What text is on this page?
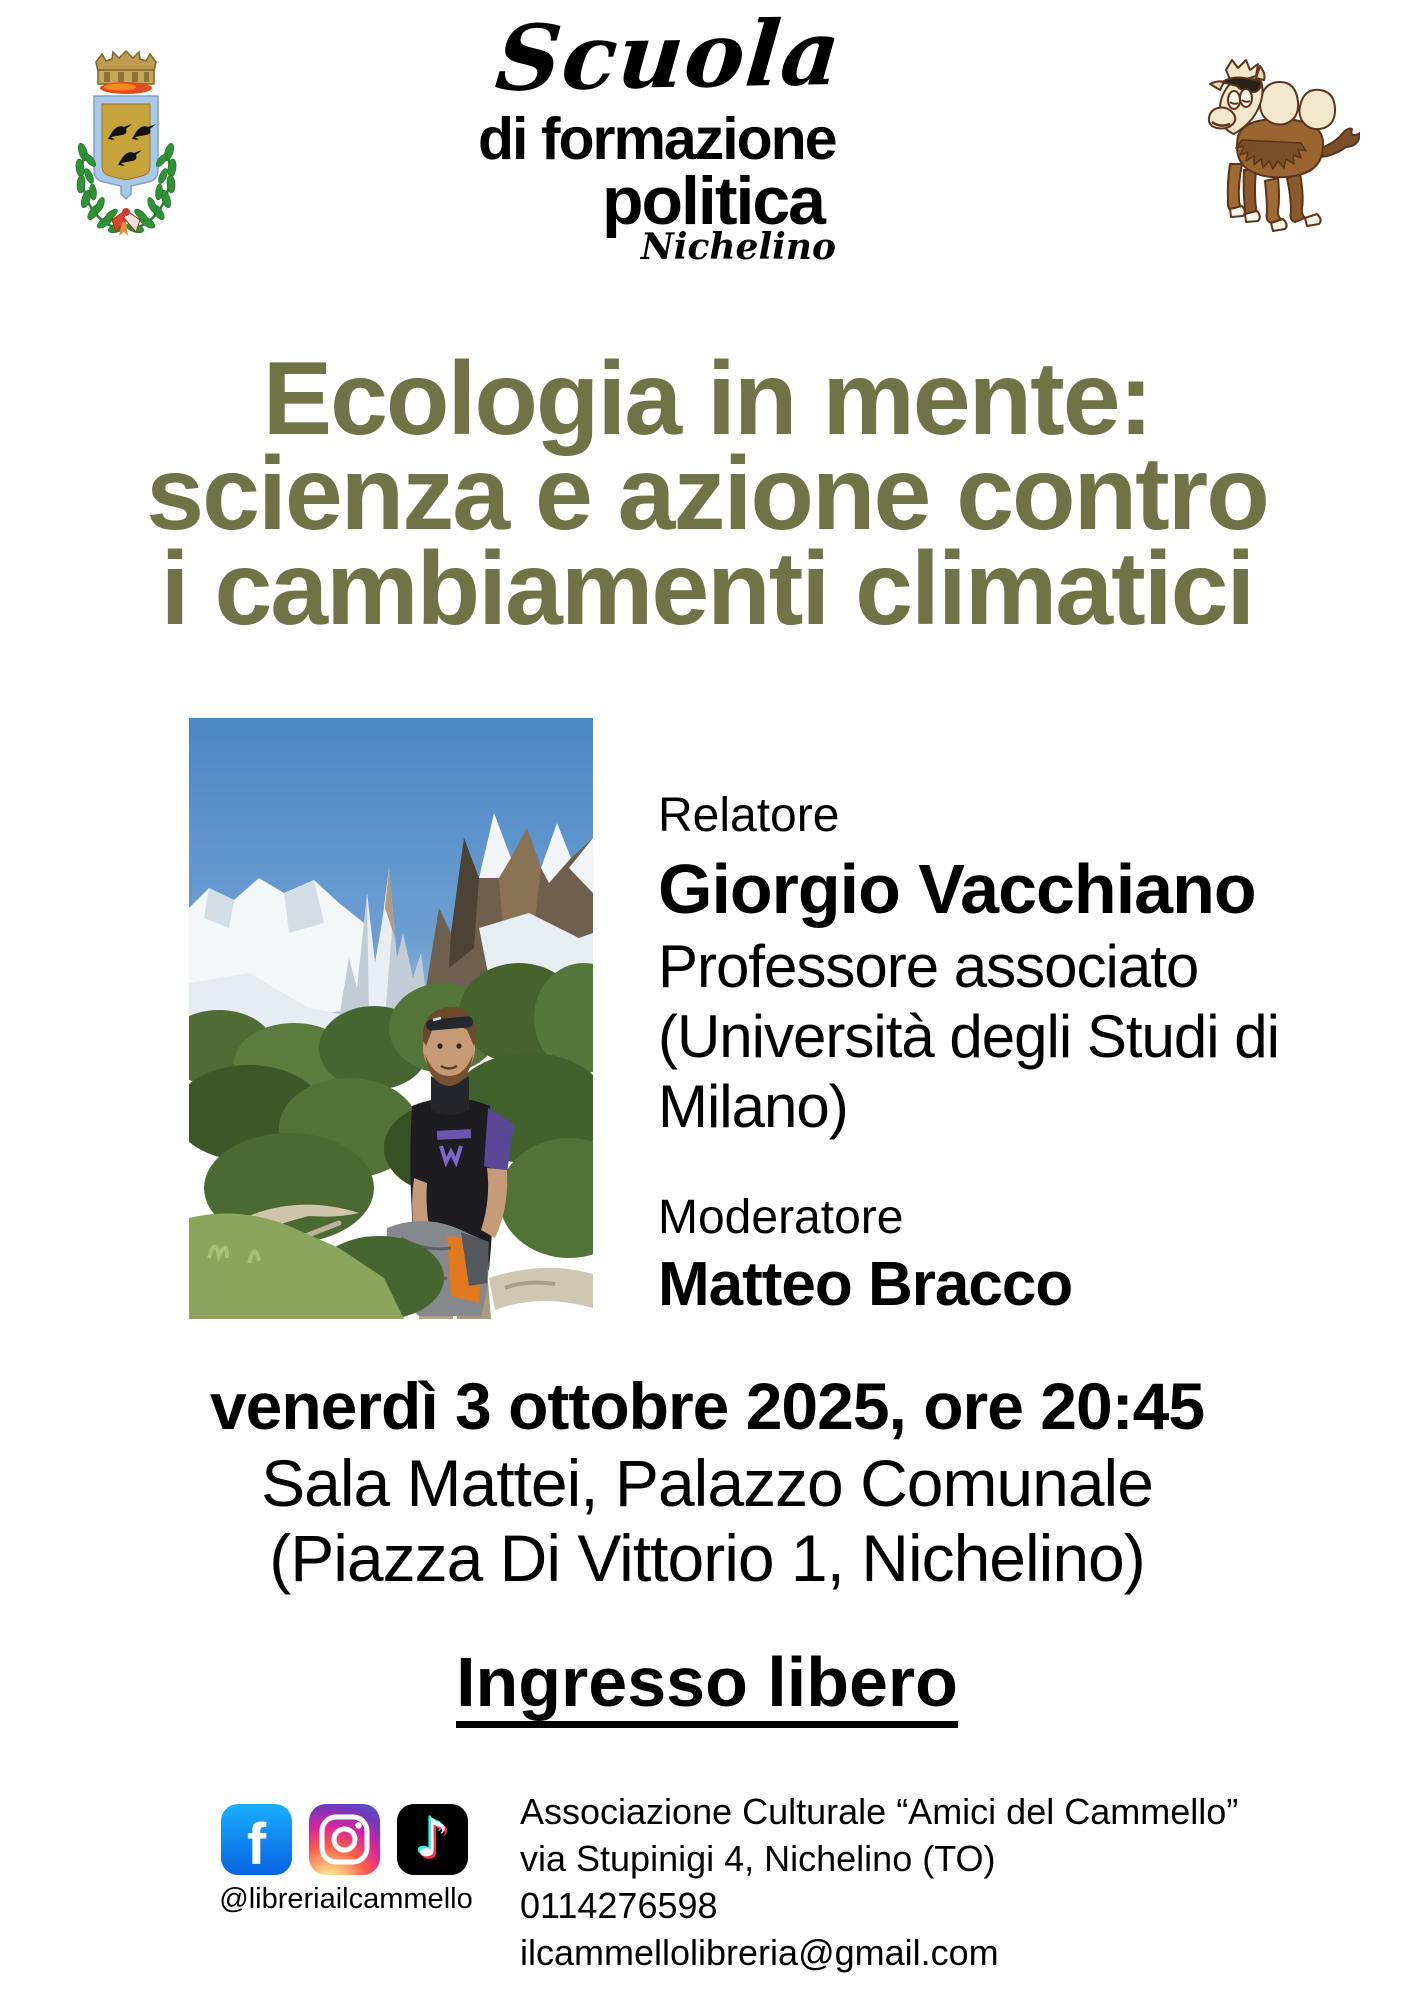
Scuola
di formazione
politica
Nichelino
Ecologia in mente:
scienza e azione contro
i cambiamenti climatici
Relatore
Giorgio Vacchiano
Professore associato
(Università degli Studi di
Milano)
Moderatore
Matteo Bracco
venerdì 3 ottobre 2025, ore 20:45
Sala Mattei, Palazzo Comunale
(Piazza Di Vittorio 1, Nichelino)
Ingresso libero
f	♪
@libreriailcammello
Associazione Culturale “Amici del Cammello”
via Stupinigi 4, Nichelino (TO)
0114276598
ilcammellolibreria@gmail.com
